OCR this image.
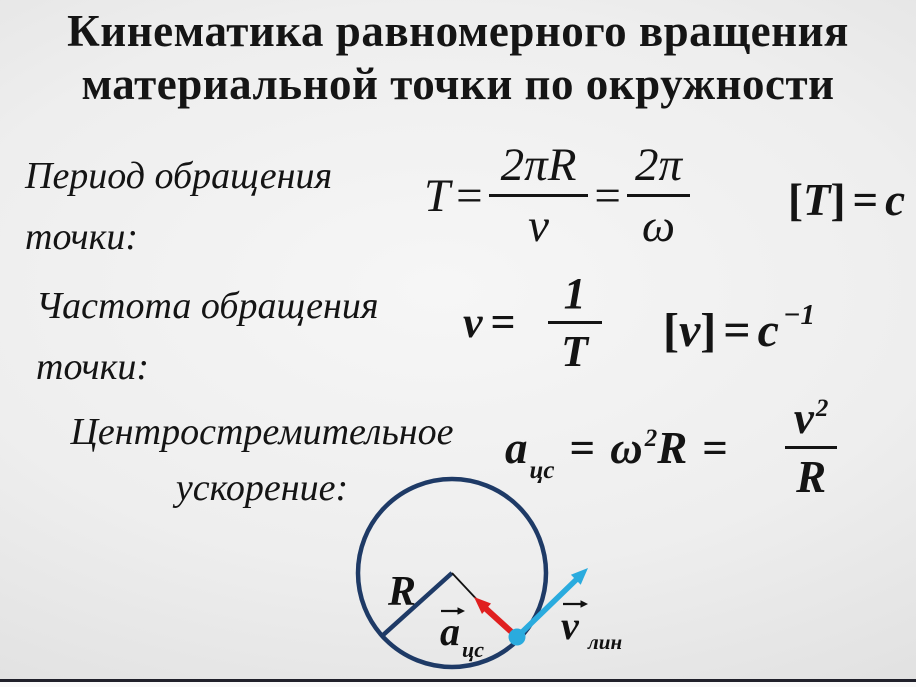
Кинематика равномерного вращения
материальной точки по окружности
Период обращения
точки:
$T = \frac{2\pi R}{v} = \frac{2\pi}{\omega}$ [ T ] = c
Частота обращения
точки:
$\nu = \frac{1}{T}$ [ ν ] = c −1
Центростремительное
ускорение:
$a_{цс} = \omega^2R = \frac{v^2}{R}$
R
a цс
v лин
